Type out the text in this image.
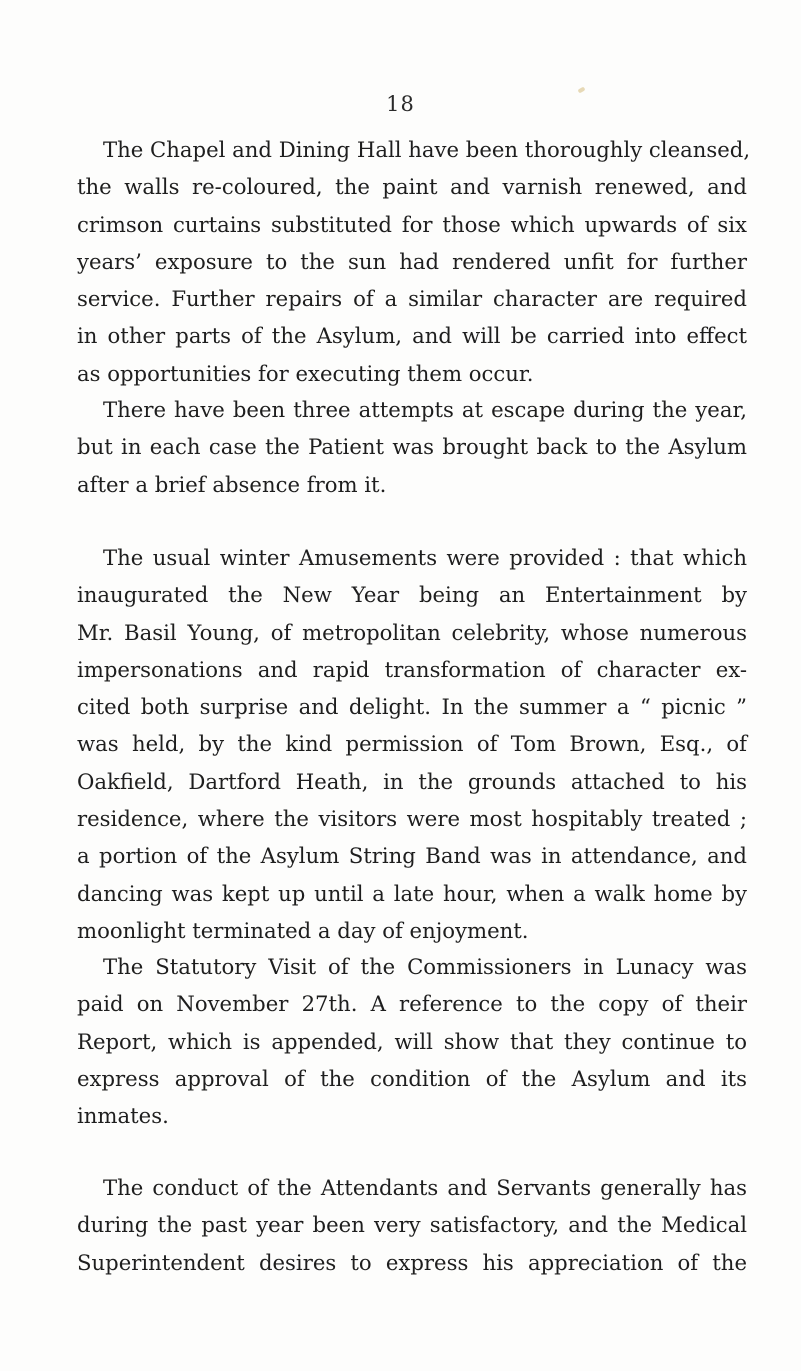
18

The Chapel and Dining Hall have been thoroughly cleansed,
the walls re-coloured, the paint and varnish renewed, and
crimson curtains substituted for those which upwards of six
years’ exposure to the sun had rendered unfit for further
service. Further repairs of a similar character are required
in other parts of the Asylum, and will be carried into effect
as opportunities for executing them occur.

There have been three attempts at escape during the year,
but in each case the Patient was brought back to the Asylum
after a brief absence from it.

The usual winter Amusements were provided : that which
inaugurated the New Year being an Entertainment by
Mr. Basil Young, of metropolitan celebrity, whose numerous
impersonations and rapid transformation of character ex-
cited both surprise and delight. In the summer a “ picnic ”
was held, by the kind permission of Tom Brown, Esq., of
Oakfield, Dartford Heath, in the grounds attached to his
residence, where the visitors were most hospitably treated ;
a portion of the Asylum String Band was in attendance, and
dancing was kept up until a late hour, when a walk home by
moonlight terminated a day of enjoyment.

The Statutory Visit of the Commissioners in Lunacy was
paid on November 27th. A reference to the copy of their
Report, which is appended, will show that they continue to
express approval of the condition of the Asylum and its
inmates.

The conduct of the Attendants and Servants generally has
during the past year been very satisfactory, and the Medical
Superintendent desires to express his appreciation of the
